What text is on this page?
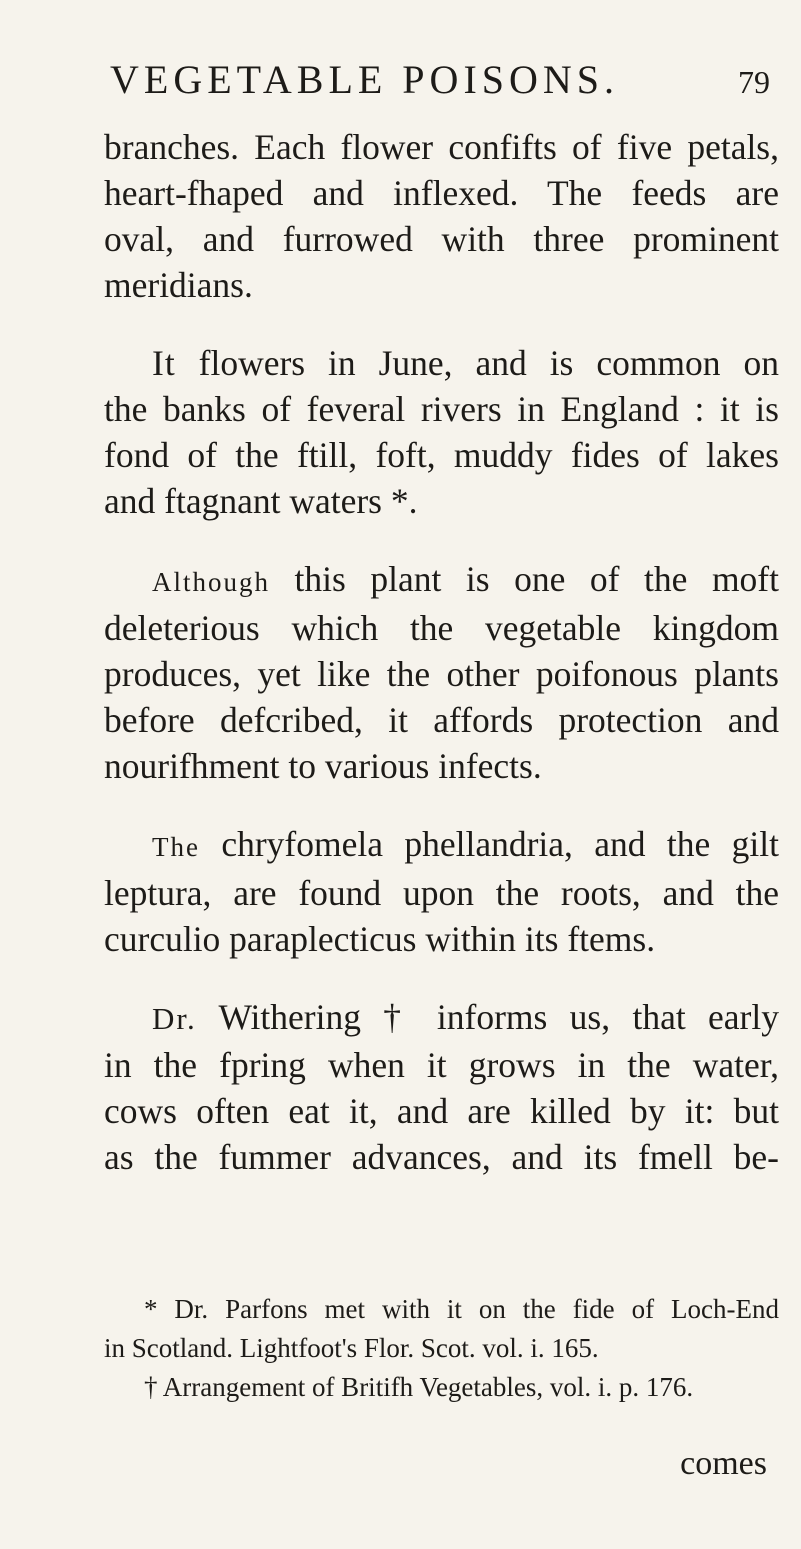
VEGETABLE POISONS.	79
branches. Each flower confifts of five petals,
heart-fhaped and inflexed. The feeds are
oval, and furrowed with three prominent
meridians.
It flowers in June, and is common on
the banks of feveral rivers in England : it is
fond of the ftill, foft, muddy fides of lakes
and ftagnant waters *.
Although this plant is one of the moft
deleterious which the vegetable kingdom
produces, yet like the other poifonous plants
before defcribed, it affords protection and
nourifhment to various infects.
The chryfomela phellandria, and the gilt
leptura, are found upon the roots, and the
curculio paraplecticus within its ftems.
Dr. Withering † informs us, that early
in the fpring when it grows in the water,
cows often eat it, and are killed by it: but
as the fummer advances, and its fmell be-
* Dr. Parfons met with it on the fide of Loch-End
in Scotland. Lightfoot's Flor. Scot. vol. i. 165.
† Arrangement of Britifh Vegetables, vol. i. p. 176.
comes
